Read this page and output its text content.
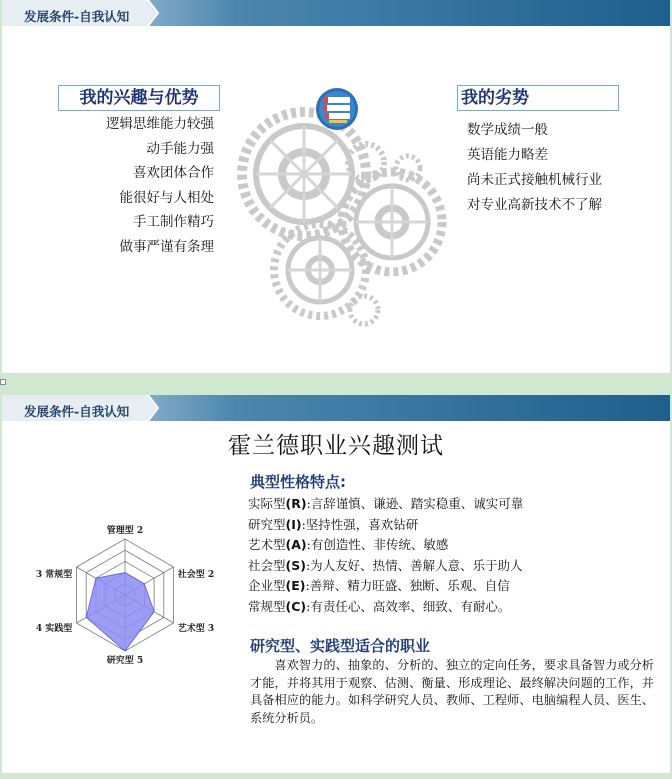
发展条件-自我认知
我的兴趣与优势
逻辑思维能力较强
动手能力强
喜欢团体合作
能很好与人相处
手工制作精巧
做事严谨有条理
我的劣势
数学成绩一般
英语能力略差
尚未正式接触机械行业
对专业高新技术不了解
发展条件-自我认知
霍兰德职业兴趣测试
典型性格特点:
实际型(R):言辞谨慎、谦逊、踏实稳重、诚实可靠
研究型(I):坚持性强，喜欢钻研
艺术型(A):有创造性、非传统、敏感
社会型(S):为人友好、热情、善解人意、乐于助人
企业型(E):善辩、精力旺盛、独断、乐观、自信
常规型(C):有责任心、高效率、细致、有耐心。
研究型、实践型适合的职业
喜欢智力的、抽象的、分析的、独立的定向任务，要求具备智力或分析才能，并将其用于观察、估测、衡量、形成理论、最终解决问题的工作，并具备相应的能力。如科学研究人员、教师、工程师、电脑编程人员、医生、系统分析员。
管理型 2
社会型 2
艺术型 3
研究型 5
4 实践型
3 常规型
